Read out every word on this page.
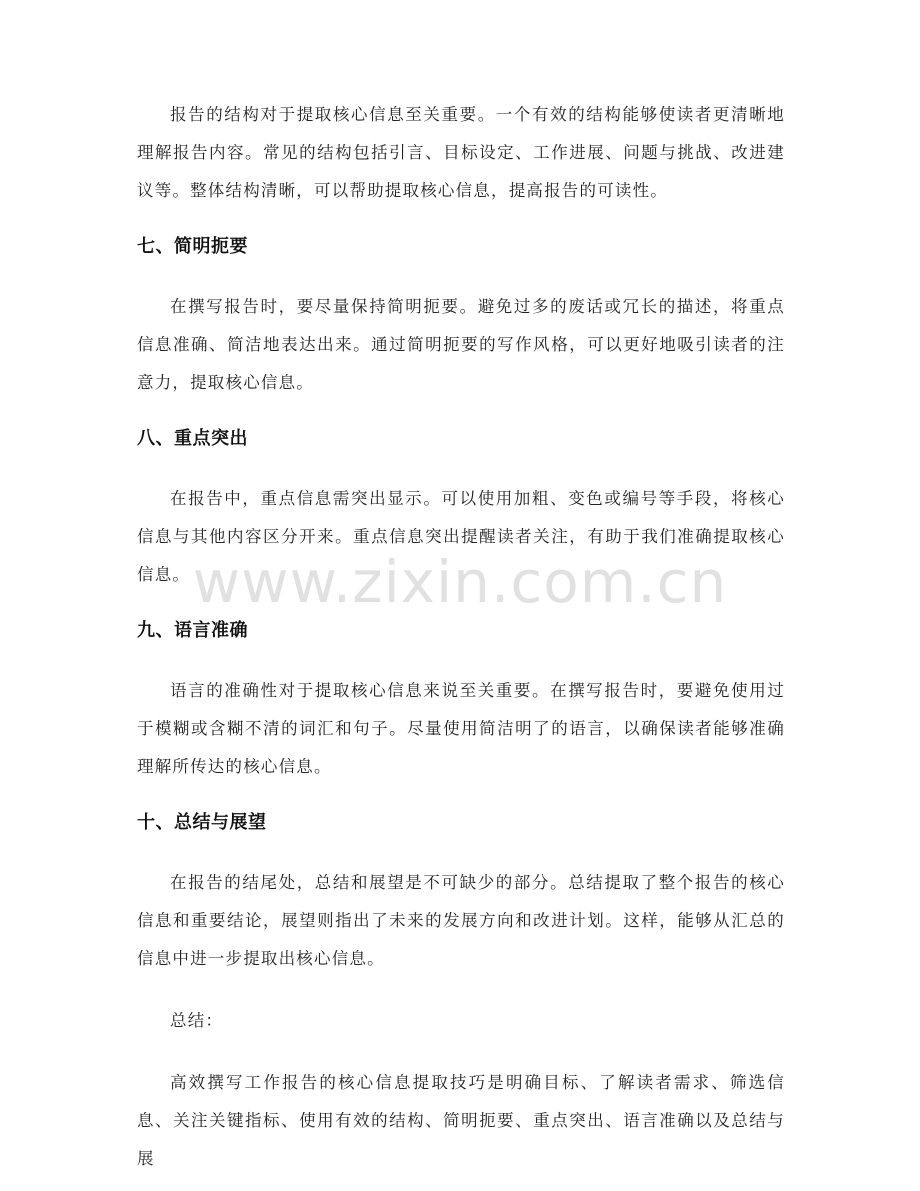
报告的结构对于提取核心信息至关重要。一个有效的结构能够使读者更清晰地理解报告内容。常见的结构包括引言、目标设定、工作进展、问题与挑战、改进建议等。整体结构清晰，可以帮助提取核心信息，提高报告的可读性。

七、简明扼要

在撰写报告时，要尽量保持简明扼要。避免过多的废话或冗长的描述，将重点信息准确、简洁地表达出来。通过简明扼要的写作风格，可以更好地吸引读者的注意力，提取核心信息。

八、重点突出

在报告中，重点信息需突出显示。可以使用加粗、变色或编号等手段，将核心信息与其他内容区分开来。重点信息突出提醒读者关注，有助于我们准确提取核心信息。

九、语言准确

语言的准确性对于提取核心信息来说至关重要。在撰写报告时，要避免使用过于模糊或含糊不清的词汇和句子。尽量使用简洁明了的语言，以确保读者能够准确理解所传达的核心信息。

十、总结与展望

在报告的结尾处，总结和展望是不可缺少的部分。总结提取了整个报告的核心信息和重要结论，展望则指出了未来的发展方向和改进计划。这样，能够从汇总的信息中进一步提取出核心信息。

总结：

高效撰写工作报告的核心信息提取技巧是明确目标、了解读者需求、筛选信息、关注关键指标、使用有效的结构、简明扼要、重点突出、语言准确以及总结与展

www.zixin.com.cn
